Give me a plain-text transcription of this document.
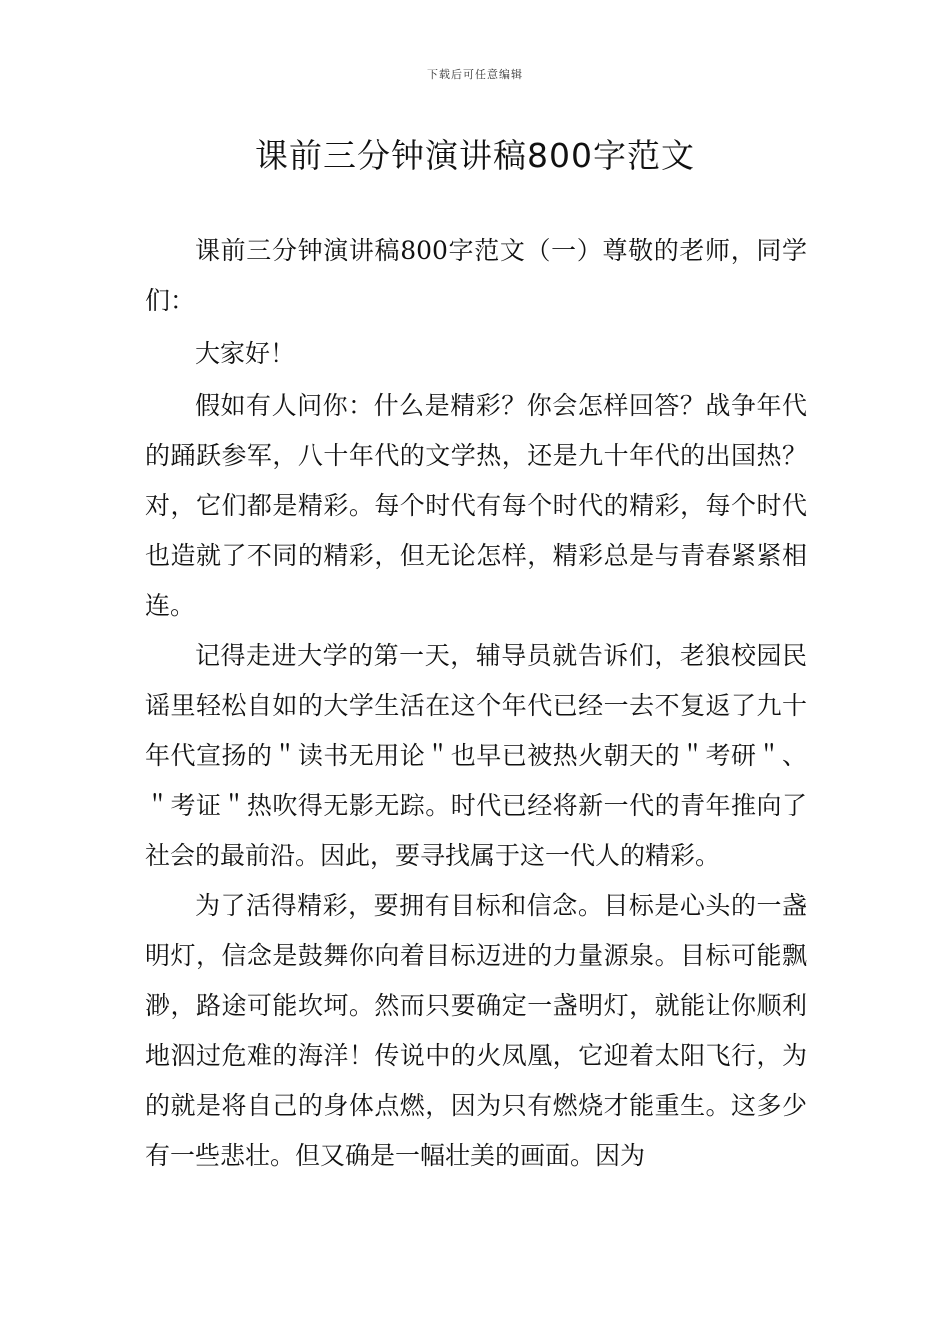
下载后可任意编辑
课前三分钟演讲稿800字范文

课前三分钟演讲稿800字范文（一）尊敬的老师，同学们：

大家好！

假如有人问你：什么是精彩？你会怎样回答？战争年代的踊跃参军，八十年代的文学热，还是九十年代的出国热？对，它们都是精彩。每个时代有每个时代的精彩，每个时代也造就了不同的精彩，但无论怎样，精彩总是与青春紧紧相连。

记得走进大学的第一天，辅导员就告诉们，老狼校园民谣里轻松自如的大学生活在这个年代已经一去不复返了九十年代宣扬的＂读书无用论＂也早已被热火朝天的＂考研＂、＂考证＂热吹得无影无踪。时代已经将新一代的青年推向了社会的最前沿。因此，要寻找属于这一代人的精彩。

为了活得精彩，要拥有目标和信念。目标是心头的一盏明灯，信念是鼓舞你向着目标迈进的力量源泉。目标可能飘渺，路途可能坎坷。然而只要确定一盏明灯，就能让你顺利地泅过危难的海洋！传说中的火凤凰，它迎着太阳飞行，为的就是将自己的身体点燃，因为只有燃烧才能重生。这多少有一些悲壮。但又确是一幅壮美的画面。因为
